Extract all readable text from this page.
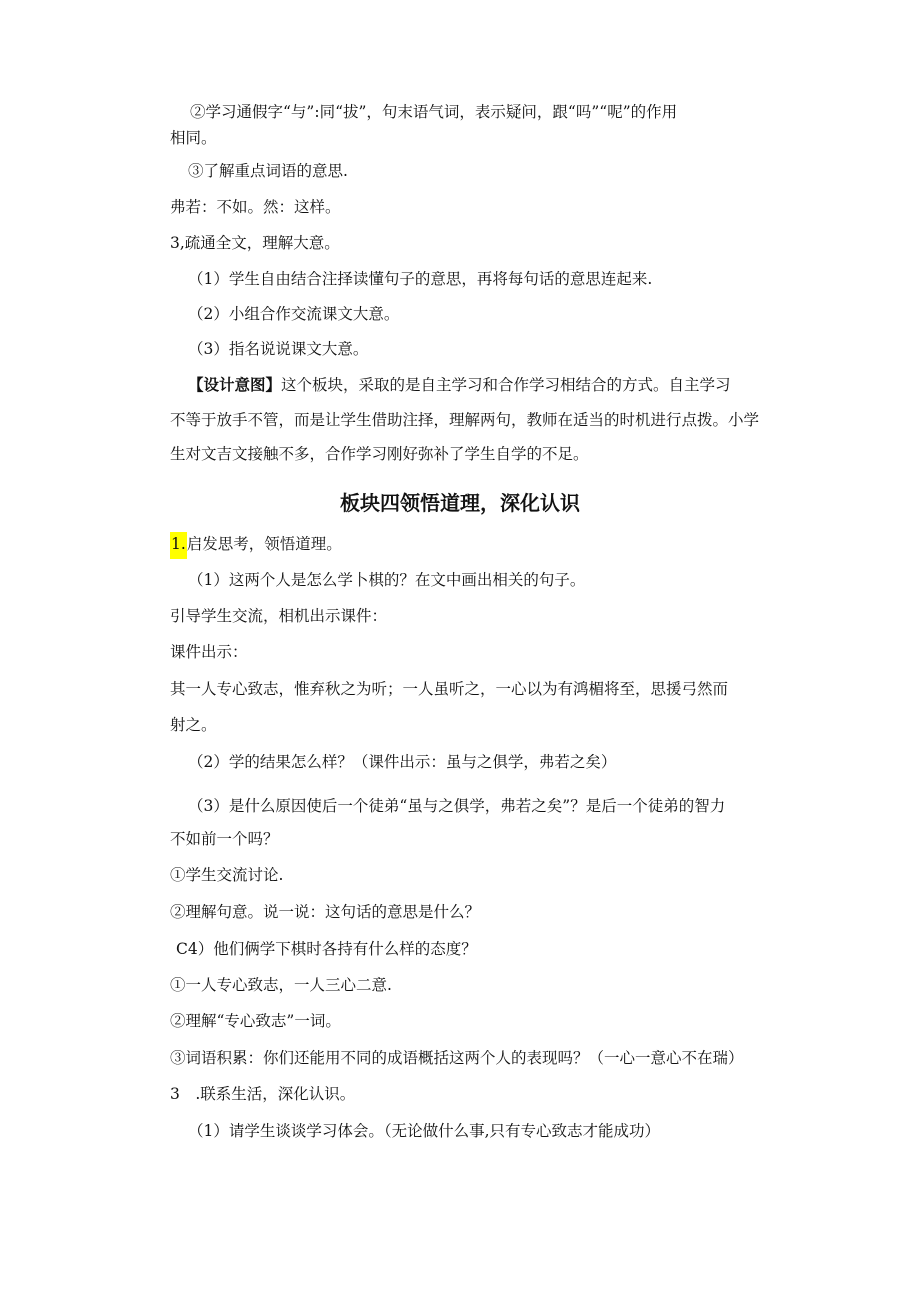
②学习通假字“与”:同“拔”，句末语气词，表示疑问，跟“吗”“呢”的作用
相同。
③了解重点词语的意思.
弗若：不如。然：这样。
3,疏通全文，理解大意。
（1）学生自由结合注择读懂句子的意思，再将每句话的意思连起来.
（2）小组合作交流课文大意。
（3）指名说说课文大意。
【设计意图】这个板块，采取的是自主学习和合作学习相结合的方式。自主学习
不等于放手不管，而是让学生借助注择，理解两句，教师在适当的时机进行点拨。小学
生对文吉文接触不多，合作学习刚好弥补了学生自学的不足。
板块四领悟道理，深化认识
1.启发思考，领悟道理。
（1）这两个人是怎么学卜棋的？在文中画出相关的句子。
引导学生交流，相机出示课件：
课件出示：
其一人专心致志，惟弃秋之为听；一人虽听之，一心以为有鸿楣将至，思援弓然而
射之。
（2）学的结果怎么样？（课件出示：虽与之俱学，弗若之矣）
（3）是什么原因使后一个徒弟“虽与之俱学，弗若之矣”？是后一个徒弟的智力
不如前一个吗？
①学生交流讨论.
②理解句意。说一说：这句话的意思是什么？
C4）他们俩学下棋时各持有什么样的态度？
①一人专心致志，一人三心二意.
②理解“专心致志”一词。
③词语积累：你们还能用不同的成语概括这两个人的表现吗？（一心一意心不在瑞）
3　.联系生活，深化认识。
（1）请学生谈谈学习体会。（无论做什么事,只有专心致志才能成功）
